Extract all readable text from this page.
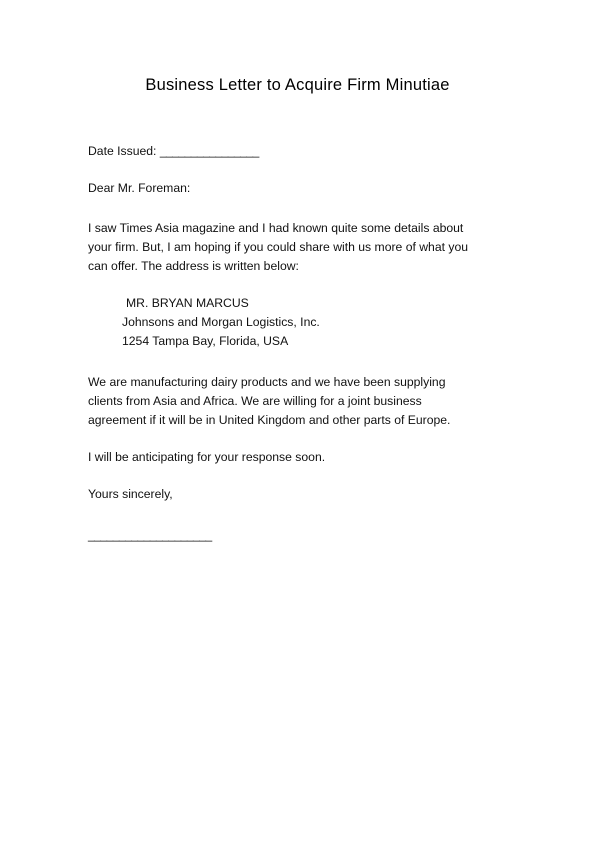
Business Letter to Acquire Firm Minutiae
Date Issued: ________________
Dear Mr. Foreman:
I saw Times Asia magazine and I had known quite some details about
your firm. But, I am hoping if you could share with us more of what you
can offer. The address is written below:
MR. BRYAN MARCUS
Johnsons and Morgan Logistics, Inc.
1254 Tampa Bay, Florida, USA
We are manufacturing dairy products and we have been supplying
clients from Asia and Africa. We are willing for a joint business
agreement if it will be in United Kingdom and other parts of Europe.
I will be anticipating for your response soon.
Yours sincerely,
____________________
